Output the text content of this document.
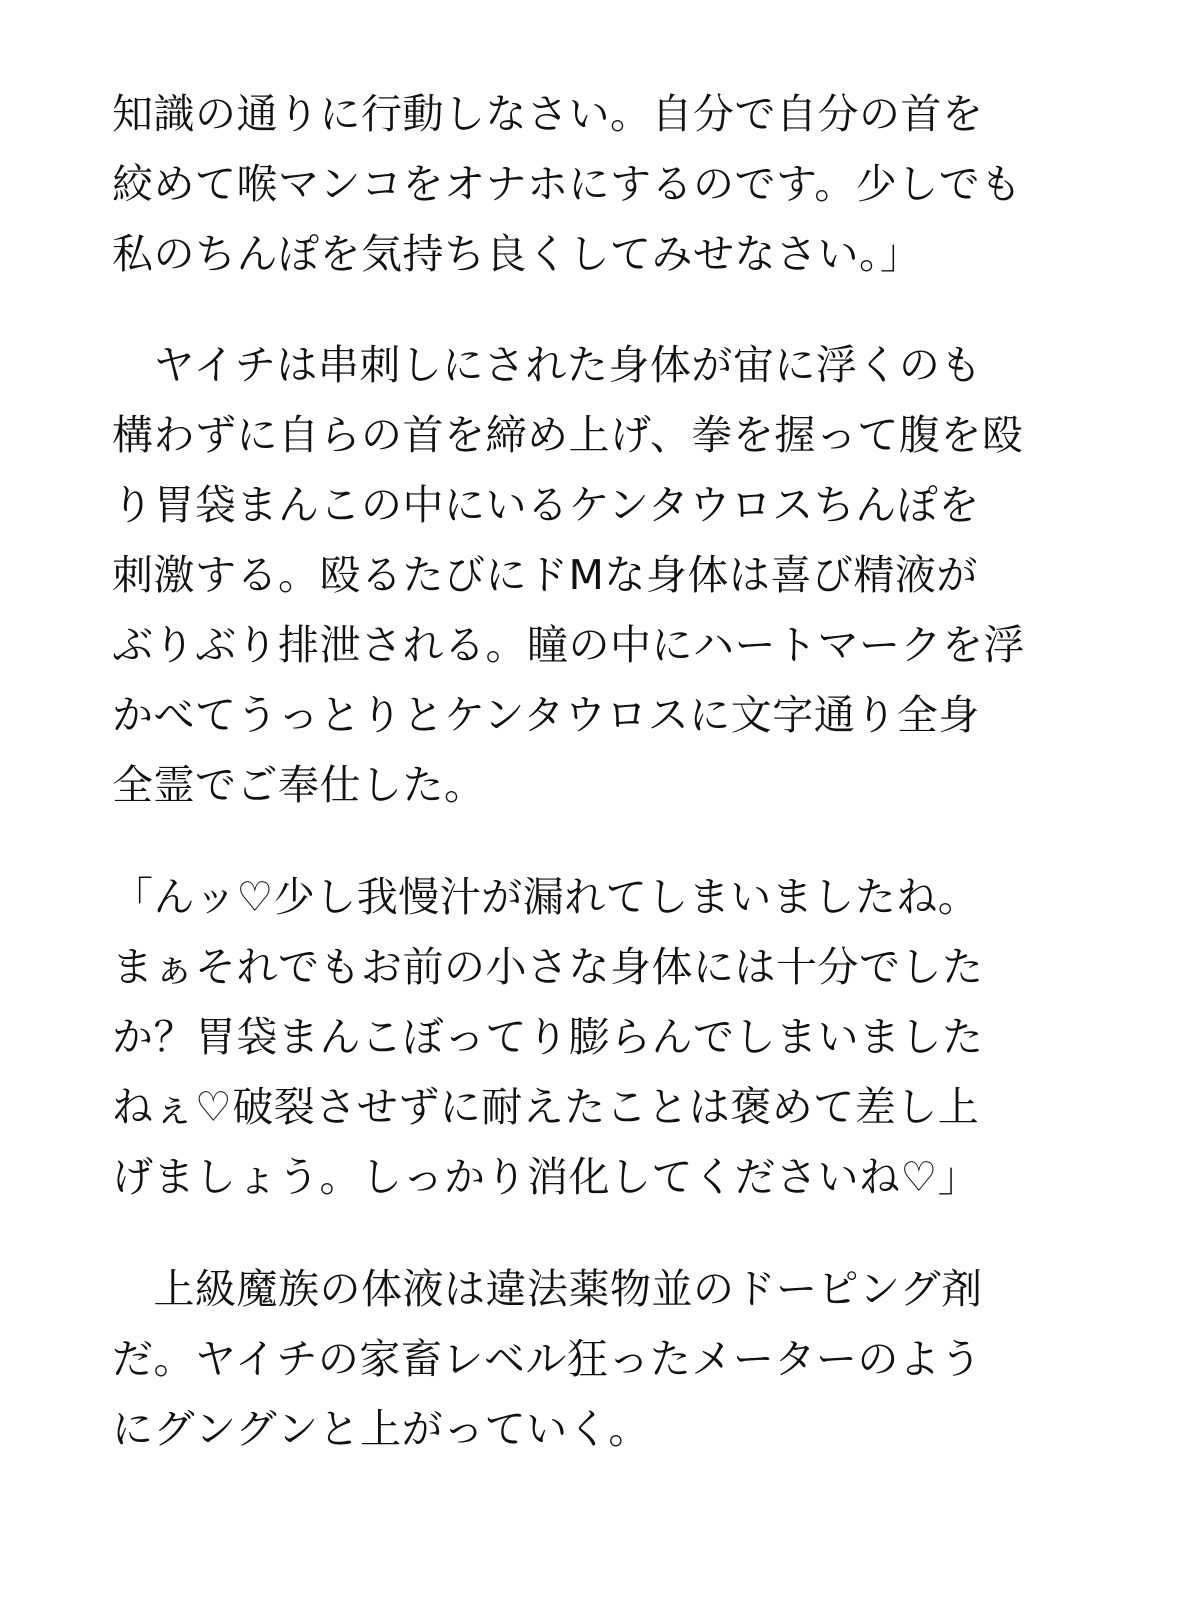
知識の通りに行動しなさい。自分で自分の首を

絞めて喉マンコをオナホにするのです。少しでも

私のちんぽを気持ち良くしてみせなさい。」

　ヤイチは串刺しにされた身体が宙に浮くのも

構わずに自らの首を締め上げ、拳を握って腹を殴

り胃袋まんこの中にいるケンタウロスちんぽを

刺激する。殴るたびにドMな身体は喜び精液が

ぶりぶり排泄される。瞳の中にハートマークを浮

かべてうっとりとケンタウロスに文字通り全身

全霊でご奉仕した。

「んッ♡少し我慢汁が漏れてしまいましたね。

まぁそれでもお前の小さな身体には十分でした

か？胃袋まんこぼってり膨らんでしまいました

ねぇ♡破裂させずに耐えたことは褒めて差し上

げましょう。しっかり消化してくださいね♡」

　上級魔族の体液は違法薬物並のドーピング剤

だ。ヤイチの家畜レベル狂ったメーターのよう

にグングンと上がっていく。
